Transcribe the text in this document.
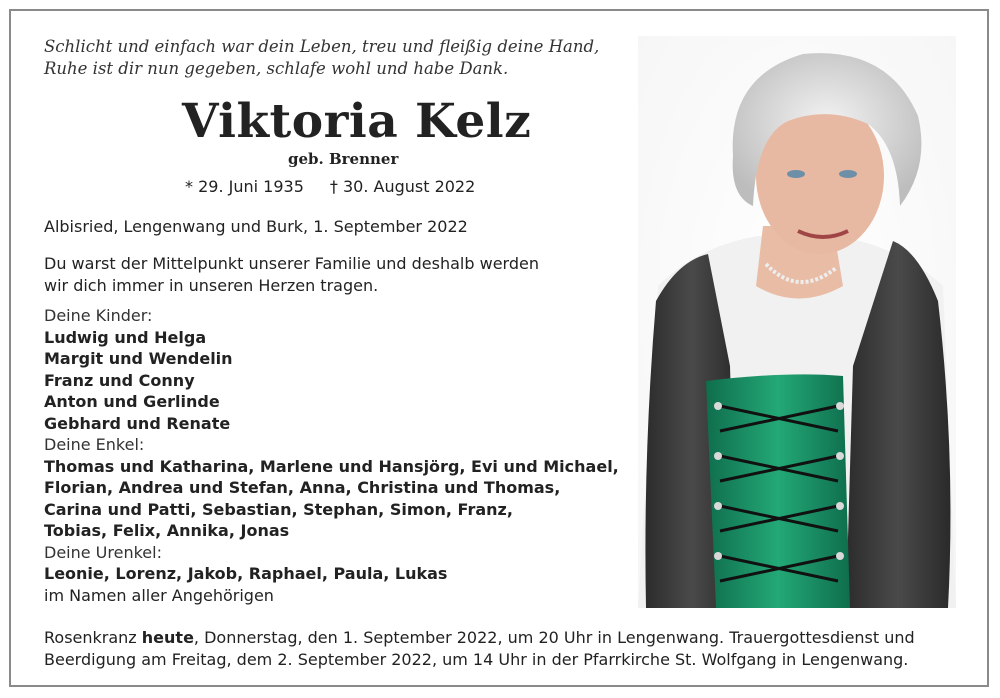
Schlicht und einfach war dein Leben, treu und fleißig deine Hand,
Ruhe ist dir nun gegeben, schlafe wohl und habe Dank.
Viktoria Kelz
geb. Brenner
* 29. Juni 1935 † 30. August 2022
Albisried, Lengenwang und Burk, 1. September 2022
Du warst der Mittelpunkt unserer Familie und deshalb werden
wir dich immer in unseren Herzen tragen.
Deine Kinder:
Ludwig und Helga
Margit und Wendelin
Franz und Conny
Anton und Gerlinde
Gebhard und Renate
Deine Enkel:
Thomas und Katharina, Marlene und Hansjörg, Evi und Michael,
Florian, Andrea und Stefan, Anna, Christina und Thomas,
Carina und Patti, Sebastian, Stephan, Simon, Franz,
Tobias, Felix, Annika, Jonas
Deine Urenkel:
Leonie, Lorenz, Jakob, Raphael, Paula, Lukas
im Namen aller Angehörigen
Rosenkranz heute, Donnerstag, den 1. September 2022, um 20 Uhr in Lengenwang. Trauergottesdienst und
Beerdigung am Freitag, dem 2. September 2022, um 14 Uhr in der Pfarrkirche St. Wolfgang in Lengenwang.
